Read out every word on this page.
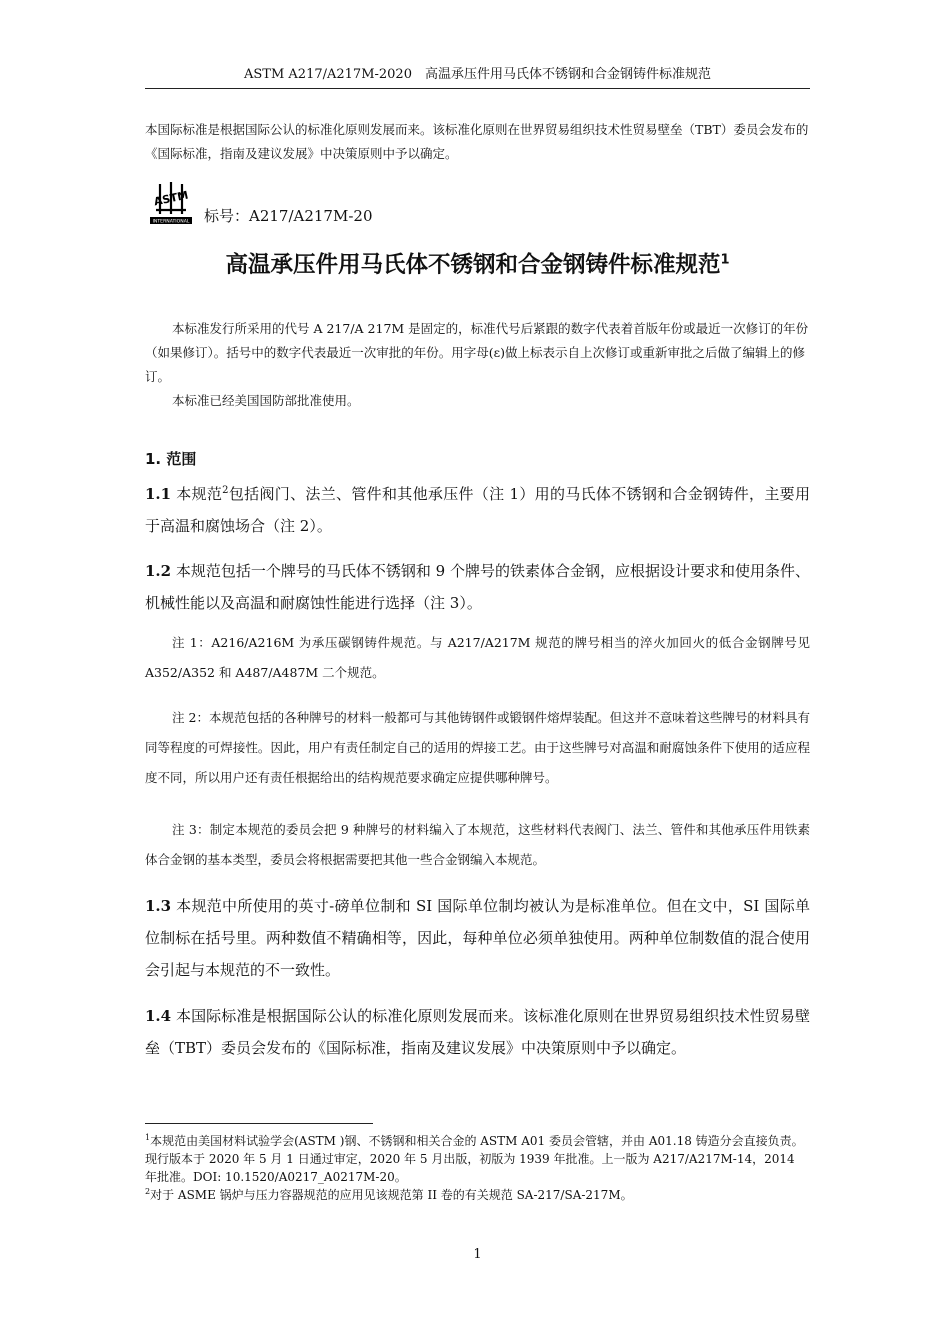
ASTM A217/A217M-2020　高温承压件用马氏体不锈钢和合金钢铸件标准规范
本国际标准是根据国际公认的标准化原则发展而来。该标准化原则在世界贸易组织技术性贸易壁垒（TBT）委员会发布的《国际标准，指南及建议发展》中决策原则中予以确定。
ASTM
INTERNATIONAL 标号：A217/A217M-20
高温承压件用马氏体不锈钢和合金钢铸件标准规范$^1$

本标准发行所采用的代号 A 217/A 217M 是固定的，标准代号后紧跟的数字代表着首版年份或最近一次修订的年份（如果修订）。括号中的数字代表最近一次审批的年份。用字母(ε)做上标表示自上次修订或重新审批之后做了编辑上的修订。

本标准已经美国国防部批准使用。

1. 范围
1.1 本规范$^2$包括阀门、法兰、管件和其他承压件（注 1）用的马氏体不锈钢和合金钢铸件，主要用于高温和腐蚀场合（注 2）。
1.2 本规范包括一个牌号的马氏体不锈钢和 9 个牌号的铁素体合金钢，应根据设计要求和使用条件、机械性能以及高温和耐腐蚀性能进行选择（注 3）。
注 1：A216/A216M 为承压碳钢铸件规范。与 A217/A217M 规范的牌号相当的淬火加回火的低合金钢牌号见 A352/A352 和 A487/A487M 二个规范。
注 2：本规范包括的各种牌号的材料一般都可与其他铸钢件或锻钢件熔焊装配。但这并不意味着这些牌号的材料具有同等程度的可焊接性。因此，用户有责任制定自己的适用的焊接工艺。由于这些牌号对高温和耐腐蚀条件下使用的适应程度不同，所以用户还有责任根据给出的结构规范要求确定应提供哪种牌号。
注 3：制定本规范的委员会把 9 种牌号的材料编入了本规范，这些材料代表阀门、法兰、管件和其他承压件用铁素体合金钢的基本类型，委员会将根据需要把其他一些合金钢编入本规范。
1.3 本规范中所使用的英寸-磅单位制和 SI 国际单位制均被认为是标准单位。但在文中，SI 国际单位制标在括号里。两种数值不精确相等，因此，每种单位必须单独使用。两种单位制数值的混合使用会引起与本规范的不一致性。
1.4 本国际标准是根据国际公认的标准化原则发展而来。该标准化原则在世界贸易组织技术性贸易壁垒（TBT）委员会发布的《国际标准，指南及建议发展》中决策原则中予以确定。

$^1$本规范由美国材料试验学会(ASTM )钢、不锈钢和相关合金的 ASTM A01 委员会管辖，并由 A01.18 铸造分会直接负责。

现行版本于 2020 年 5 月 1 日通过审定，2020 年 5 月出版，初版为 1939 年批准。上一版为 A217/A217M-14，2014 年批准。DOI: 10.1520/A0217_A0217M-20。

$^2$对于 ASME 锅炉与压力容器规范的应用见该规范第 II 卷的有关规范 SA-217/SA-217M。

1
